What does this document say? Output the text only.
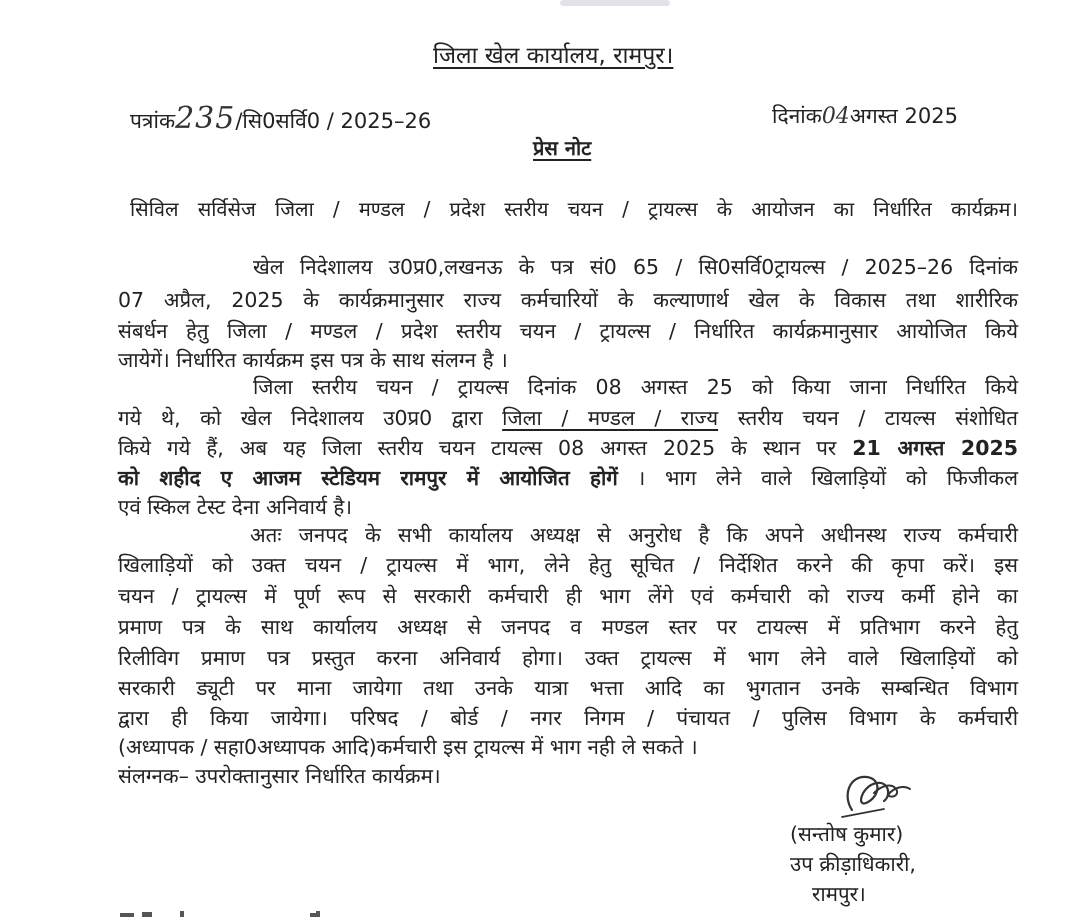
जिला खेल कार्यालय, रामपुर।
पत्रांक235/सि0सर्वि0 / 2025–26	दिनांक04अगस्त 2025
प्रेस नोट
सिविल सर्विसेज जिला / मण्डल / प्रदेश स्तरीय चयन / ट्रायल्स के आयोजन का निर्धारित कार्यक्रम।
खेल निदेशालय उ0प्र0,लखनऊ के पत्र सं0 65 / सि0सर्वि0ट्रायल्स / 2025–26 दिनांक
07 अप्रैल, 2025 के कार्यक्रमानुसार राज्य कर्मचारियों के कल्याणार्थ खेल के विकास तथा शारीरिक
संबर्धन हेतु जिला / मण्डल / प्रदेश स्तरीय चयन / ट्रायल्स / निर्धारित कार्यक्रमानुसार आयोजित किये
जायेगें। निर्धारित कार्यक्रम इस पत्र के साथ संलग्न है ।
जिला स्तरीय चयन / ट्रायल्स दिनांक 08 अगस्त 25 को किया जाना निर्धारित किये
गये थे, को खेल निदेशालय उ0प्र0 द्वारा जिला / मण्डल / राज्य स्तरीय चयन / टायल्स संशोधित
किये गये हैं, अब यह जिला स्तरीय चयन टायल्स 08 अगस्त 2025 के स्थान पर 21 अगस्त 2025
को शहीद ए आजम स्टेडियम रामपुर में आयोजित होगें । भाग लेने वाले खिलाड़ियों को फिजीकल
एवं स्किल टेस्ट देना अनिवार्य है।
अतः जनपद के सभी कार्यालय अध्यक्ष से अनुरोध है कि अपने अधीनस्थ राज्य कर्मचारी
खिलाड़ियों को उक्त चयन / ट्रायल्स में भाग, लेने हेतु सूचित / निर्देशित करने की कृपा करें। इस
चयन / ट्रायल्स में पूर्ण रूप से सरकारी कर्मचारी ही भाग लेंगे एवं कर्मचारी को राज्य कर्मी होने का
प्रमाण पत्र के साथ कार्यालय अध्यक्ष से जनपद व मण्डल स्तर पर टायल्स में प्रतिभाग करने हेतु
रिलीविग प्रमाण पत्र प्रस्तुत करना अनिवार्य होगा। उक्त ट्रायल्स में भाग लेने वाले खिलाड़ियों को
सरकारी ड्यूटी पर माना जायेगा तथा उनके यात्रा भत्ता आदि का भुगतान उनके सम्बन्धित विभाग
द्वारा ही किया जायेगा। परिषद / बोर्ड / नगर निगम / पंचायत / पुलिस विभाग के कर्मचारी
(अध्यापक / सहा0अध्यापक आदि)कर्मचारी इस ट्रायल्स में भाग नही ले सकते ।
संलग्नक– उपरोक्तानुसार निर्धारित कार्यक्रम।
(सन्तोष कुमार)
उप क्रीड़ाधिकारी,
रामपुर।
